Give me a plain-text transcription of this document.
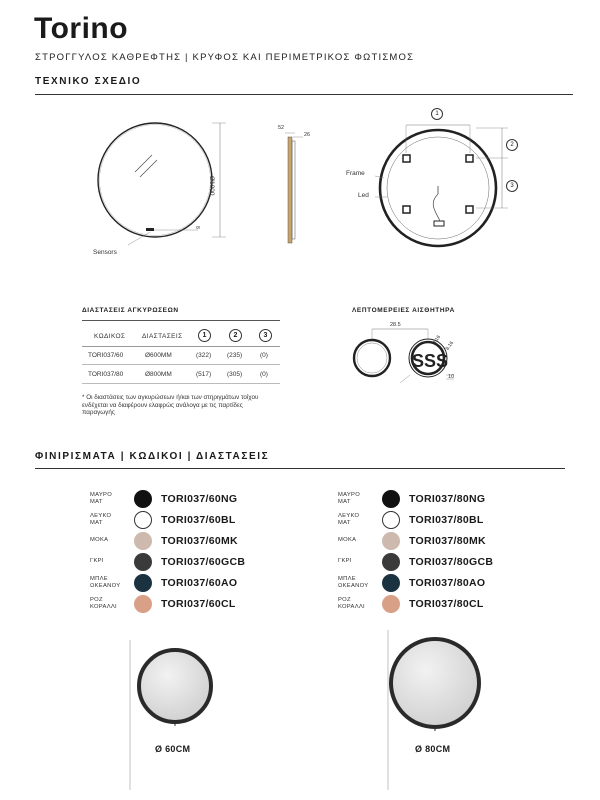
Torino
ΣΤΡΟΓΓΥΛΟΣ ΚΑΘΡΕΦΤΗΣ | ΚΡΥΦΟΣ ΚΑΙ ΠΕΡΙΜΕΤΡΙΚΟΣ ΦΩΤΙΣΜΟΣ
ΤΕΧΝΙΚΟ ΣΧΕΔΙΟ
Ø1000
8
Sensors
52
26
Frame
Led
1
2
3
ΔΙΑΣΤΑΣΕΙΣ ΑΓΚΥΡΩΣΕΩΝ
ΚΩΔΙΚΟΣ	ΔΙΑΣΤΑΣΕΙΣ	1	2	3
TORI037/60	Ø600MM	(322) (235)	(0)
TORI037/80	Ø800MM	(517) (305)	(0)
* Οι διαστάσεις των αγκυρώσεων ή/και των στηριγμάτων τοίχου ενδέχεται να διαφέρουν ελαφρώς ανάλογα με τις παρτίδες παραγωγής
ΛΕΠΤΟΜΕΡΕΙΕΣ ΑΙΣΘΗΤΗΡΑ
SSS
28.5
8.16
8.16
10
ΦΙΝΙΡΙΣΜΑΤΑ | ΚΩΔΙΚΟΙ | ΔΙΑΣΤΑΣΕΙΣ
ΜΑΥΡΟ
ΜΑΤ	TORI037/60NG
ΛΕΥΚΟ
ΜΑΤ	TORI037/60BL
ΜΟΚΑ	TORI037/60MK
ΓΚΡΙ	TORI037/60GCB
ΜΠΛΕ
ΩΚΕΑΝΟΥ	TORI037/60AO
ΡΟΖ
ΚΟΡΑΛΛΙ	TORI037/60CL
ΜΑΥΡΟ
ΜΑΤ	TORI037/80NG
ΛΕΥΚΟ
ΜΑΤ	TORI037/80BL
ΜΟΚΑ	TORI037/80MK
ΓΚΡΙ	TORI037/80GCB
ΜΠΛΕ
ΩΚΕΑΝΟΥ	TORI037/80AO
ΡΟΖ
ΚΟΡΑΛΛΙ	TORI037/80CL
Ø 60CM	Ø 80CM
